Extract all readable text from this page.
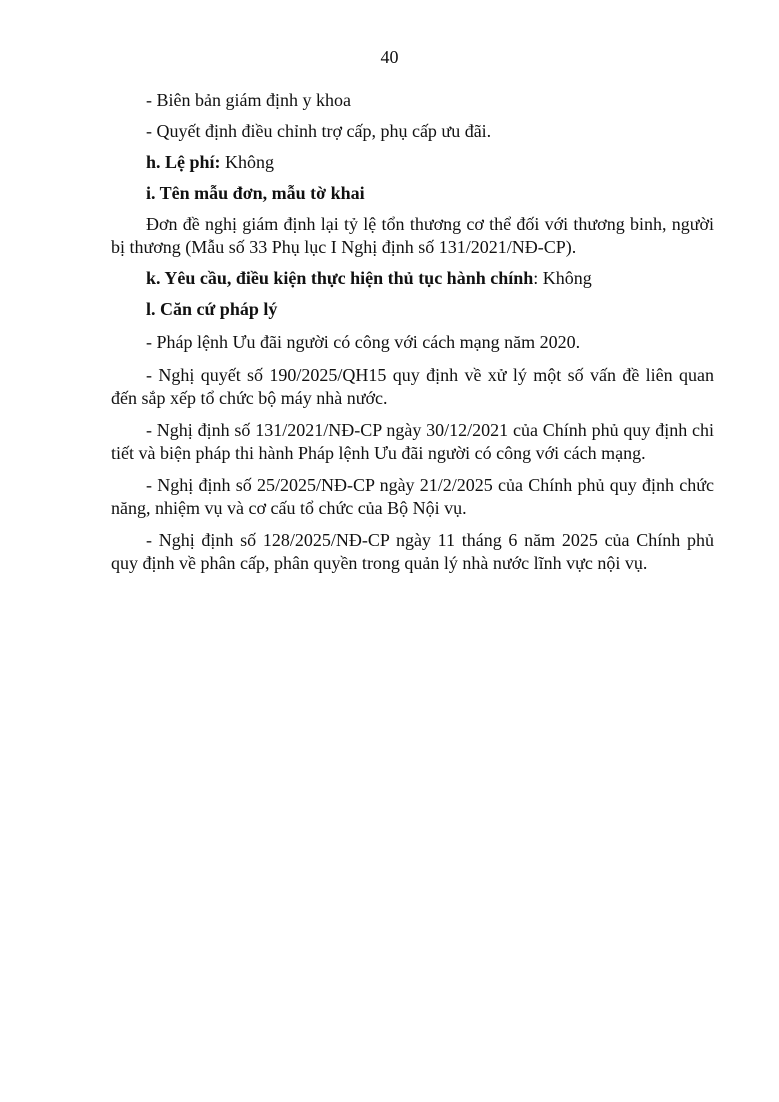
40

- Biên bản giám định y khoa

- Quyết định điều chỉnh trợ cấp, phụ cấp ưu đãi.

h. Lệ phí: Không

i. Tên mẫu đơn, mẫu tờ khai

Đơn đề nghị giám định lại tỷ lệ tổn thương cơ thể đối với thương binh, người bị thương (Mẫu số 33 Phụ lục I Nghị định số 131/2021/NĐ-CP).

k. Yêu cầu, điều kiện thực hiện thủ tục hành chính: Không

l. Căn cứ pháp lý

- Pháp lệnh Ưu đãi người có công với cách mạng năm 2020.

- Nghị quyết số 190/2025/QH15 quy định về xử lý một số vấn đề liên quan đến sắp xếp tổ chức bộ máy nhà nước.

- Nghị định số 131/2021/NĐ-CP ngày 30/12/2021 của Chính phủ quy định chi tiết và biện pháp thi hành Pháp lệnh Ưu đãi người có công với cách mạng.

- Nghị định số 25/2025/NĐ-CP ngày 21/2/2025 của Chính phủ quy định chức năng, nhiệm vụ và cơ cấu tổ chức của Bộ Nội vụ.

- Nghị định số 128/2025/NĐ-CP ngày 11 tháng 6 năm 2025 của Chính phủ quy định về phân cấp, phân quyền trong quản lý nhà nước lĩnh vực nội vụ.
